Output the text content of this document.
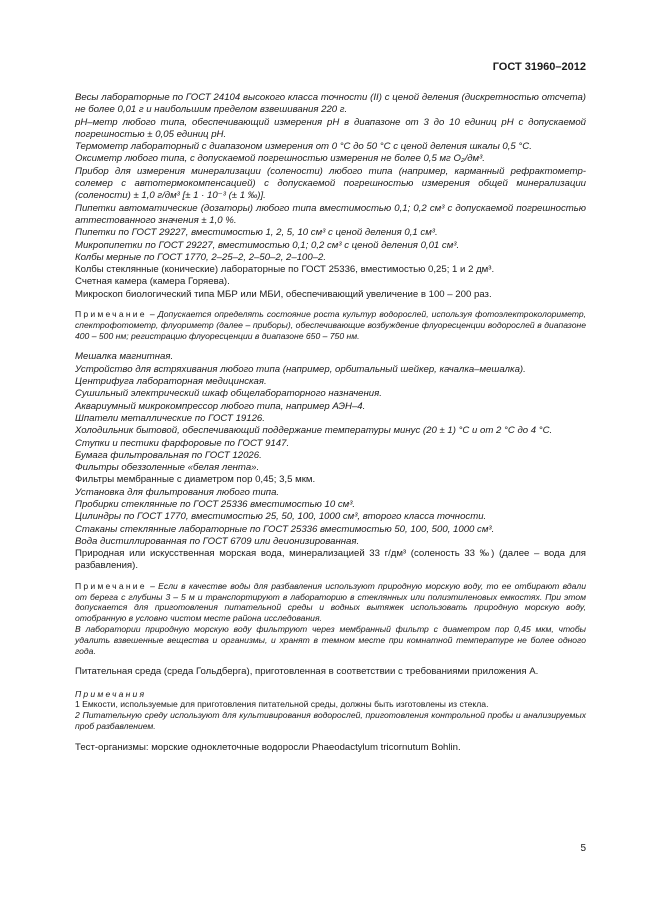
ГОСТ 31960–2012

Весы лабораторные по ГОСТ 24104 высокого класса точности (II) с ценой деления (дискретностью отсчета) не более 0,01 г и наибольшим пределом взвешивания 220 г.

pH–метр любого типа, обеспечивающий измерения pH в диапазоне от 3 до 10 единиц pH с допускаемой погрешностью ± 0,05 единиц pH.

Термометр лабораторный с диапазоном измерения от 0 °С до 50 °С с ценой деления шкалы 0,5 °С.

Оксиметр любого типа, с допускаемой погрешностью измерения не более 0,5 мг O₂/дм³.

Прибор для измерения минерализации (солености) любого типа (например, карманный рефрактометр-солемер с автотермокомпенсацией) с допускаемой погрешностью измерения общей минерализации (солености) ± 1,0 г/дм³ [± 1 · 10⁻³ (± 1 ‰)].

Пипетки автоматические (дозаторы) любого типа вместимостью 0,1; 0,2 см³ с допускаемой погрешностью аттестованного значения ± 1,0 %.

Пипетки по ГОСТ 29227, вместимостью 1, 2, 5, 10 см³ с ценой деления 0,1 см³.

Микропипетки по ГОСТ 29227, вместимостью 0,1; 0,2 см³ с ценой деления 0,01 см³.

Колбы мерные по ГОСТ 1770, 2–25–2, 2–50–2, 2–100–2.

Колбы стеклянные (конические) лабораторные по ГОСТ 25336, вместимостью 0,25; 1 и 2 дм³.

Счетная камера (камера Горяева).

Микроскоп биологический типа МБР или МБИ, обеспечивающий увеличение в 100 – 200 раз.

Примечание – Допускается определять состояние роста культур водорослей, используя фотоэлектроколориметр, спектрофотометр, флуориметр (далее – приборы), обеспечивающие возбуждение флуоресценции водорослей в диапазоне 400 – 500 нм; регистрацию флуоресценции в диапазоне 650 – 750 нм.

Мешалка магнитная.

Устройство для встряхивания любого типа (например, орбитальный шейкер, качалка–мешалка).

Центрифуга лабораторная медицинская.

Сушильный электрический шкаф общелабораторного назначения.

Аквариумный микрокомпрессор любого типа, например АЭН–4.

Шпатели металлические по ГОСТ 19126.

Холодильник бытовой, обеспечивающий поддержание температуры минус (20 ± 1) °С и от 2 °С до 4 °С.

Ступки и пестики фарфоровые по ГОСТ 9147.

Бумага фильтровальная по ГОСТ 12026.

Фильтры обеззоленные «белая лента».

Фильтры мембранные с диаметром пор 0,45; 3,5 мкм.

Установка для фильтрования любого типа.

Пробирки стеклянные по ГОСТ 25336 вместимостью 10 см³.

Цилиндры по ГОСТ 1770, вместимостью 25, 50, 100, 1000 см³, второго класса точности.

Стаканы стеклянные лабораторные по ГОСТ 25336 вместимостью 50, 100, 500, 1000 см³.

Вода дистиллированная по ГОСТ 6709 или деионизированная.

Природная или искусственная морская вода, минерализацией 33 г/дм³ (соленость 33 ‰) (далее – вода для разбавления).

Примечание – Если в качестве воды для разбавления используют природную морскую воду, то ее отбирают вдали от берега с глубины 3 – 5 м и транспортируют в лабораторию в стеклянных или полиэтиленовых емкостях. При этом допускается для приготовления питательной среды и водных вытяжек использовать природную морскую воду, отобранную в условно чистом месте района исследования.

В лаборатории природную морскую воду фильтруют через мембранный фильтр с диаметром пор 0,45 мкм, чтобы удалить взвешенные вещества и организмы, и хранят в темном месте при комнатной температуре не более одного года.

Питательная среда (среда Гольдберга), приготовленная в соответствии с требованиями приложения А.

Примечания

1 Емкости, используемые для приготовления питательной среды, должны быть изготовлены из стекла.

2 Питательную среду используют для культивирования водорослей, приготовления контрольной пробы и анализируемых проб разбавлением.

Тест-организмы: морские одноклеточные водоросли Phaeodactylum tricornutum Bohlin.

5
